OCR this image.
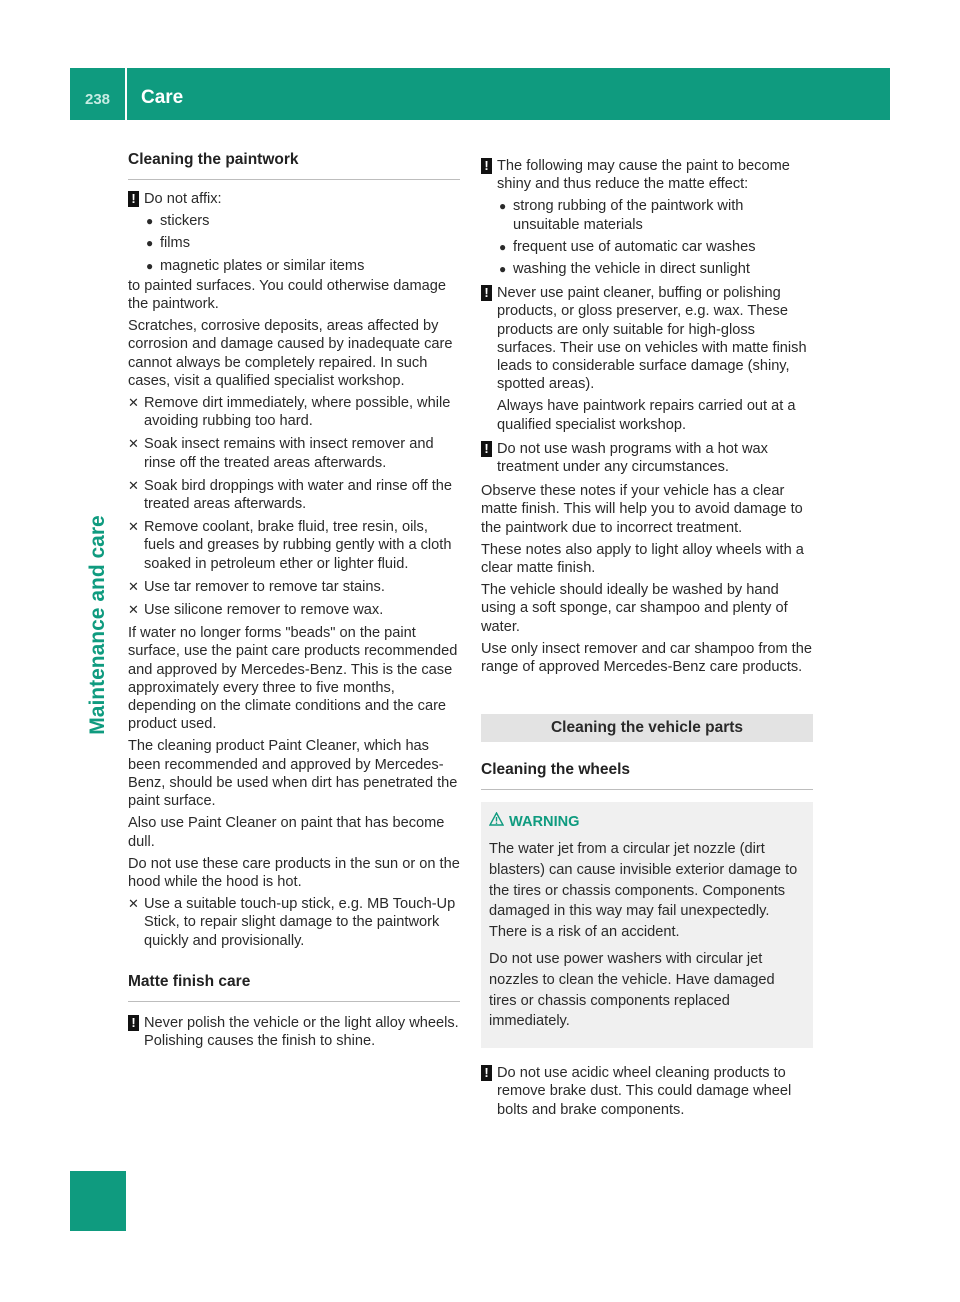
238	Care
Maintenance and care
Cleaning the paintwork
! Do not affix:

● stickers
● films
● magnetic plates or similar items

to painted surfaces. You could otherwise damage the paintwork.

Scratches, corrosive deposits, areas affected by corrosion and damage caused by inadequate care cannot always be completely repaired. In such cases, visit a qualified specialist workshop.

✕ Remove dirt immediately, where possible, while avoiding rubbing too hard.
✕ Soak insect remains with insect remover and rinse off the treated areas afterwards.
✕ Soak bird droppings with water and rinse off the treated areas afterwards.
✕ Remove coolant, brake fluid, tree resin, oils, fuels and greases by rubbing gently with a cloth soaked in petroleum ether or lighter fluid.
✕ Use tar remover to remove tar stains.
✕ Use silicone remover to remove wax.

If water no longer forms "beads" on the paint surface, use the paint care products recommended and approved by Mercedes-Benz. This is the case approximately every three to five months, depending on the climate conditions and the care product used.

The cleaning product Paint Cleaner, which has been recommended and approved by Mercedes-Benz, should be used when dirt has penetrated the paint surface.

Also use Paint Cleaner on paint that has become dull.

Do not use these care products in the sun or on the hood while the hood is hot.

✕ Use a suitable touch-up stick, e.g. MB Touch-Up Stick, to repair slight damage to the paintwork quickly and provisionally.
Matte finish care
! Never polish the vehicle or the light alloy wheels. Polishing causes the finish to shine.
! The following may cause the paint to become shiny and thus reduce the matte effect:

● strong rubbing of the paintwork with unsuitable materials
● frequent use of automatic car washes
● washing the vehicle in direct sunlight
! Never use paint cleaner, buffing or polishing products, or gloss preserver, e.g. wax. These products are only suitable for high-gloss surfaces. Their use on vehicles with matte finish leads to considerable surface damage (shiny, spotted areas).

Always have paintwork repairs carried out at a qualified specialist workshop.

! Do not use wash programs with a hot wax treatment under any circumstances.

Observe these notes if your vehicle has a clear matte finish. This will help you to avoid damage to the paintwork due to incorrect treatment.

These notes also apply to light alloy wheels with a clear matte finish.

The vehicle should ideally be washed by hand using a soft sponge, car shampoo and plenty of water.

Use only insect remover and car shampoo from the range of approved Mercedes-Benz care products.

Cleaning the vehicle parts
Cleaning the wheels
WARNING

The water jet from a circular jet nozzle (dirt blasters) can cause invisible exterior damage to the tires or chassis components. Components damaged in this way may fail unexpectedly. There is a risk of an accident.

Do not use power washers with circular jet nozzles to clean the vehicle. Have damaged tires or chassis components replaced immediately.

! Do not use acidic wheel cleaning products to remove brake dust. This could damage wheel bolts and brake components.
